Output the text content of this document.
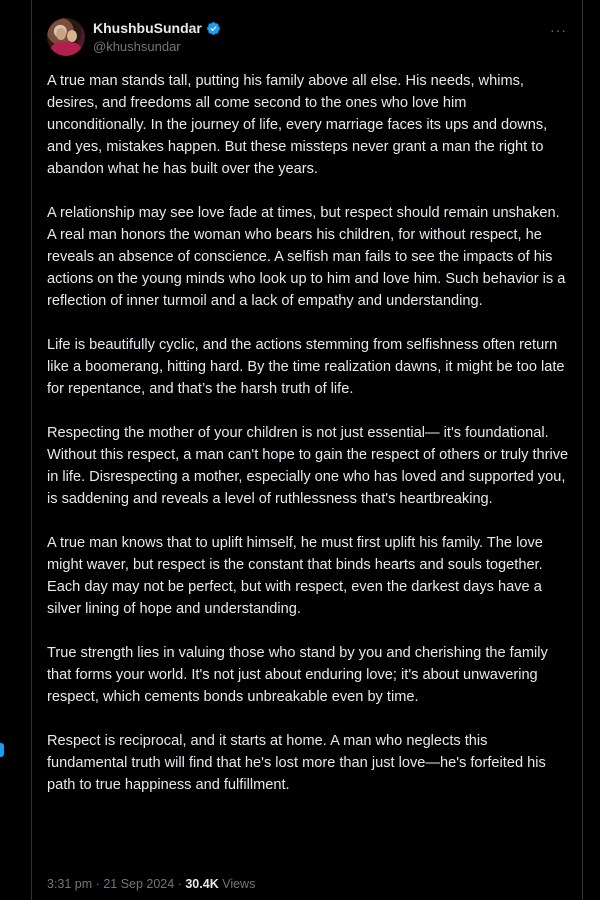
KhushbuSundar
@khushsundar
···

A true man stands tall, putting his family above all else. His needs, whims, desires, and freedoms all come second to the ones who love him unconditionally. In the journey of life, every marriage faces its ups and downs, and yes, mistakes happen. But these missteps never grant a man the right to abandon what he has built over the years.

A relationship may see love fade at times, but respect should remain unshaken. A real man honors the woman who bears his children, for without respect, he reveals an absence of conscience. A selfish man fails to see the impacts of his actions on the young minds who look up to him and love him. Such behavior is a reflection of inner turmoil and a lack of empathy and understanding.

Life is beautifully cyclic, and the actions stemming from selfishness often return like a boomerang, hitting hard. By the time realization dawns, it might be too late for repentance, and that’s the harsh truth of life.

Respecting the mother of your children is not just essential— it's foundational. Without this respect, a man can't hope to gain the respect of others or truly thrive in life. Disrespecting a mother, especially one who has loved and supported you, is saddening and reveals a level of ruthlessness that's heartbreaking.

A true man knows that to uplift himself, he must first uplift his family. The love might waver, but respect is the constant that binds hearts and souls together. Each day may not be perfect, but with respect, even the darkest days have a silver lining of hope and understanding.

True strength lies in valuing those who stand by you and cherishing the family that forms your world. It's not just about enduring love; it's about unwavering respect, which cements bonds unbreakable even by time.

Respect is reciprocal, and it starts at home. A man who neglects this fundamental truth will find that he's lost more than just love—he's forfeited his path to true happiness and fulfillment.

3:31 pm · 21 Sep 2024 · 30.4K Views
